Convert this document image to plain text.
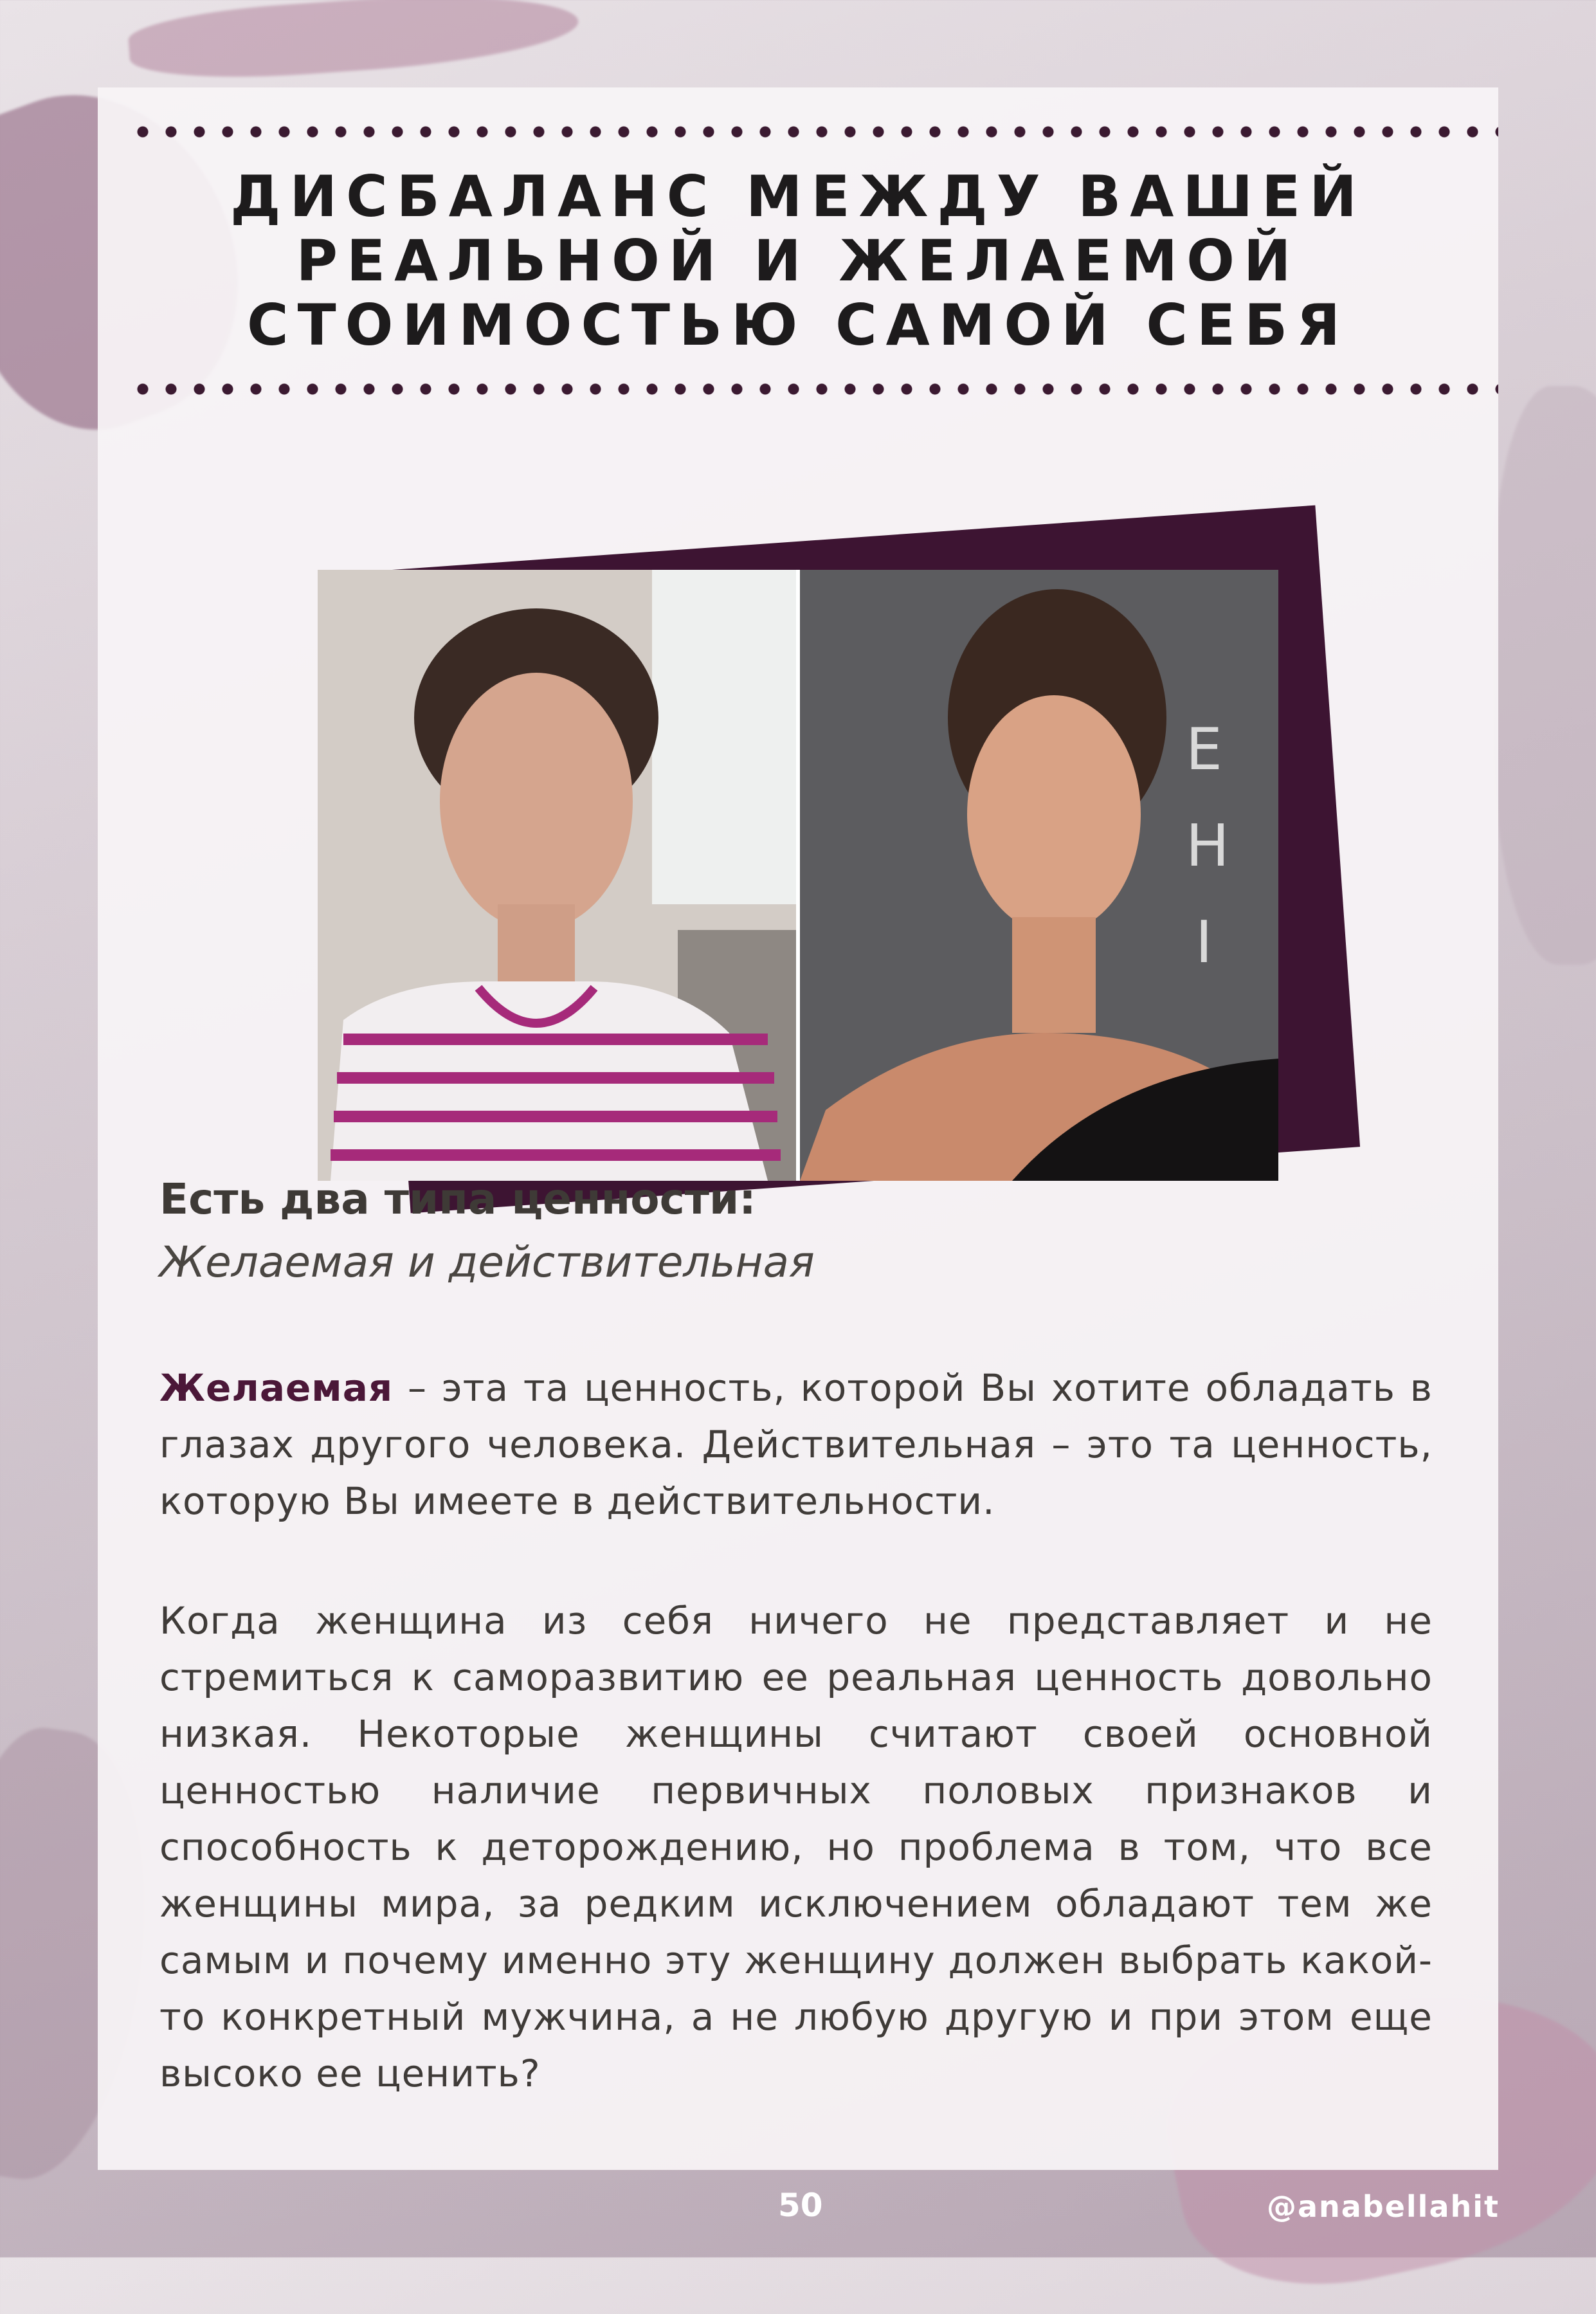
ДИСБАЛАНС МЕЖДУ ВАШЕЙ
РЕАЛЬНОЙ И ЖЕЛАЕМОЙ
СТОИМОСТЬЮ САМОЙ СЕБЯ
E
H
I
Есть два типа ценности:

Желаемая и действительная

Желаемая – эта та ценность, которой Вы хотите обладать в глазах другого человека. Действительная – это та ценность, которую Вы имеете в действительности.

Когда женщина из себя ничего не представляет и не стремиться к саморазвитию ее реальная ценность довольно низкая. Некоторые женщины считают своей основной ценностью наличие первичных половых признаков и способность к деторождению, но проблема в том, что все женщины мира, за редким исключением обладают тем же самым и почему именно эту женщину должен выбрать какой-то конкретный мужчина, а не любую другую и при этом еще высоко ее ценить?

50	@anabellahit
